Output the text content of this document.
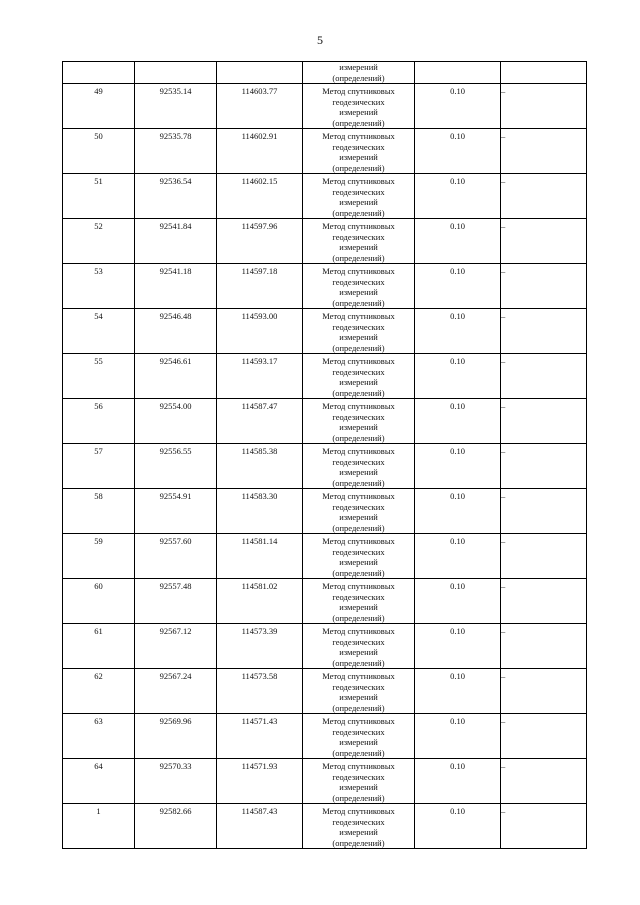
5

			измерений
(определений)		

49	92535.14	114603.77	Метод спутниковых
геодезических
измерений
(определений)	0.10	–

50	92535.78	114602.91	Метод спутниковых
геодезических
измерений
(определений)	0.10	–

51	92536.54	114602.15	Метод спутниковых
геодезических
измерений
(определений)	0.10	–

52	92541.84	114597.96	Метод спутниковых
геодезических
измерений
(определений)	0.10	–

53	92541.18	114597.18	Метод спутниковых
геодезических
измерений
(определений)	0.10	–

54	92546.48	114593.00	Метод спутниковых
геодезических
измерений
(определений)	0.10	–

55	92546.61	114593.17	Метод спутниковых
геодезических
измерений
(определений)	0.10	–

56	92554.00	114587.47	Метод спутниковых
геодезических
измерений
(определений)	0.10	–

57	92556.55	114585.38	Метод спутниковых
геодезических
измерений
(определений)	0.10	–

58	92554.91	114583.30	Метод спутниковых
геодезических
измерений
(определений)	0.10	–

59	92557.60	114581.14	Метод спутниковых
геодезических
измерений
(определений)	0.10	–

60	92557.48	114581.02	Метод спутниковых
геодезических
измерений
(определений)	0.10	–

61	92567.12	114573.39	Метод спутниковых
геодезических
измерений
(определений)	0.10	–

62	92567.24	114573.58	Метод спутниковых
геодезических
измерений
(определений)	0.10	–

63	92569.96	114571.43	Метод спутниковых
геодезических
измерений
(определений)	0.10	–

64	92570.33	114571.93	Метод спутниковых
геодезических
измерений
(определений)	0.10	–

1	92582.66	114587.43	Метод спутниковых
геодезических
измерений
(определений)	0.10	–
